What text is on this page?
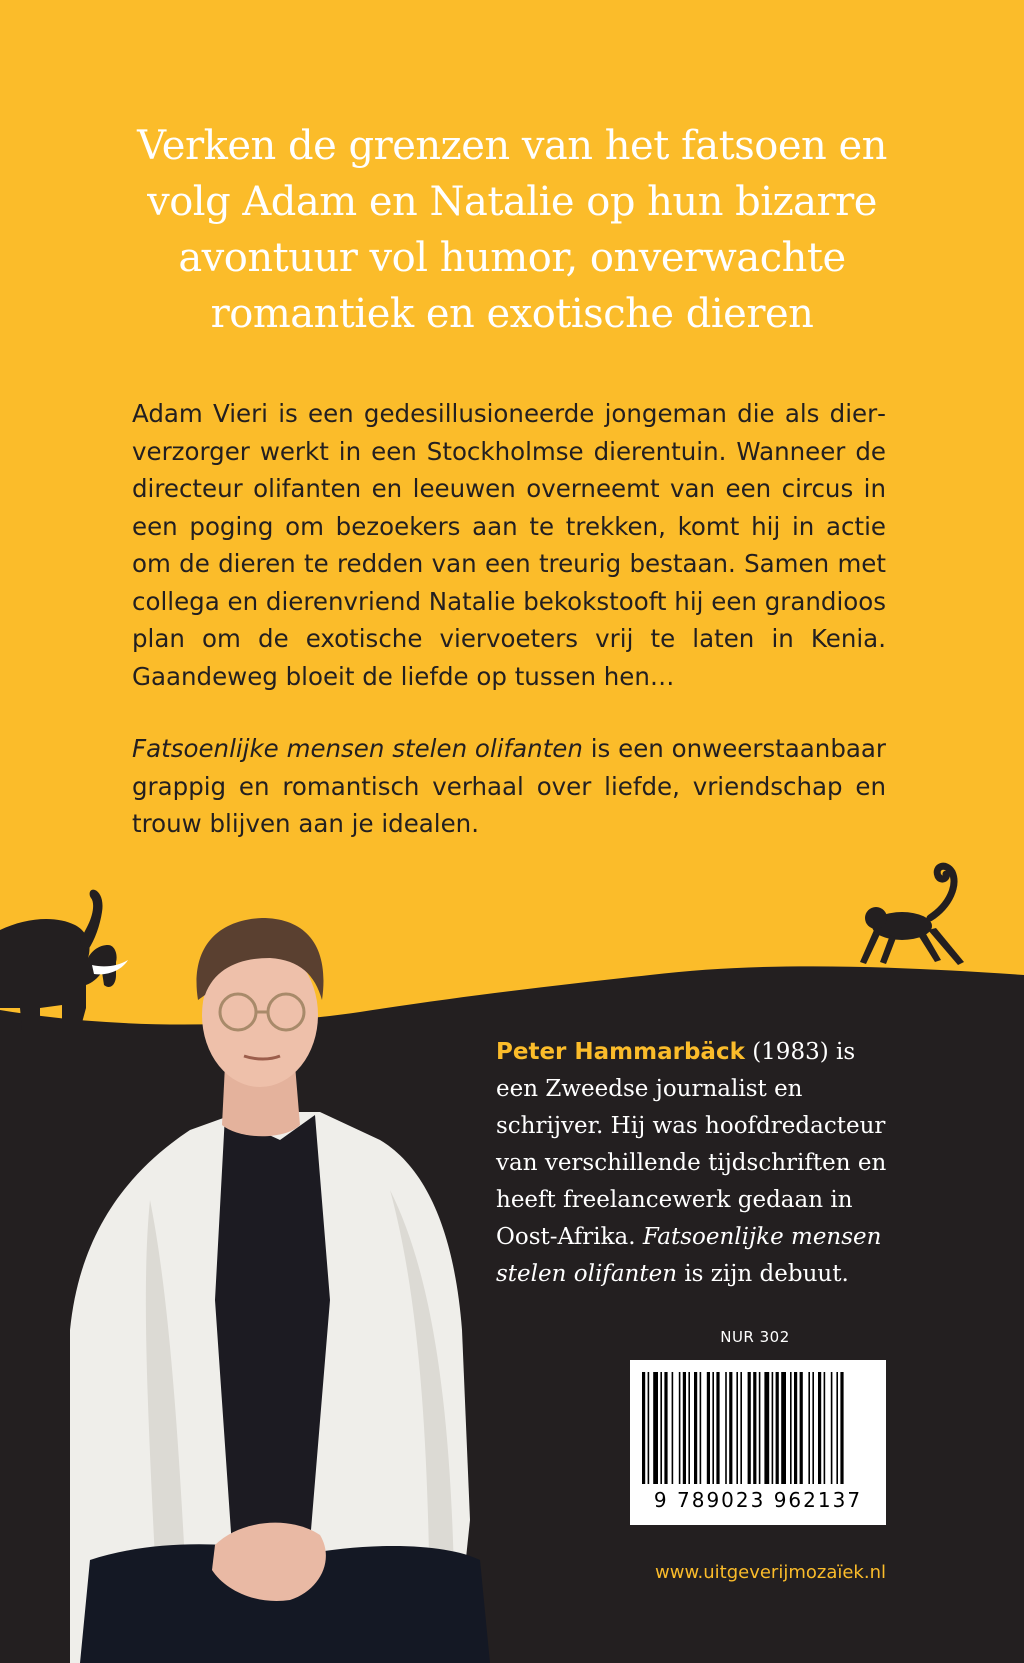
Verken de grenzen van het fatsoen en
volg Adam en Natalie op hun bizarre
avontuur vol humor, onverwachte
romantiek en exotische dieren

Adam Vieri is een gedesillusioneerde jongeman die als dierverzorger werkt in een Stockholmse dierentuin. Wanneer de directeur olifanten en leeuwen overneemt van een circus in een poging om bezoekers aan te trekken, komt hij in actie om de dieren te redden van een treurig bestaan. Samen met collega en dierenvriend Natalie bekokstooft hij een grandioos plan om de exotische viervoeters vrij te laten in Kenia. Gaandeweg bloeit de liefde op tussen hen…

Fatsoenlijke mensen stelen olifanten is een onweerstaanbaar grappig en romantisch verhaal over liefde, vriendschap en trouw blijven aan je idealen.

Peter Hammarbäck (1983) is een Zweedse journalist en schrijver. Hij was hoofdredacteur van verschillende tijdschriften en heeft freelancewerk gedaan in Oost-Afrika. Fatsoenlijke mensen stelen olifanten is zijn debuut.
NUR 302
9 789023 962137
www.uitgeverijmozaïek.nl
